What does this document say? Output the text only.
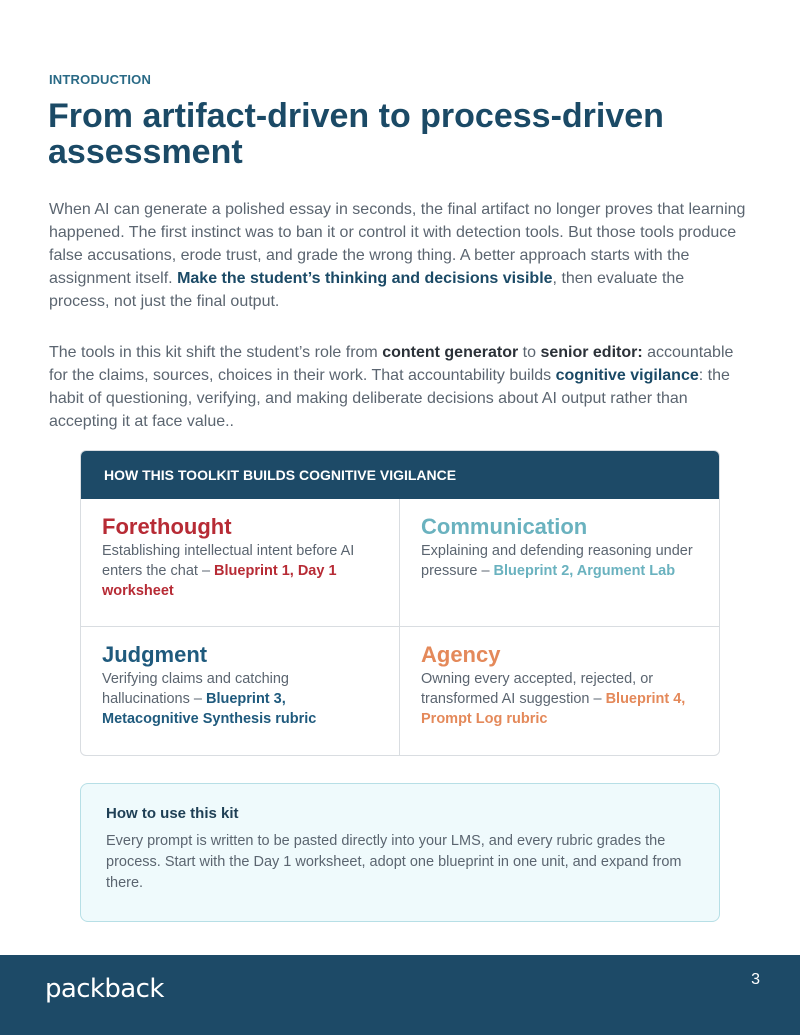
INTRODUCTION
From artifact-driven to process-driven assessment

When AI can generate a polished essay in seconds, the final artifact no longer proves that learning happened. The first instinct was to ban it or control it with detection tools. But those tools produce false accusations, erode trust, and grade the wrong thing. A better approach starts with the assignment itself. Make the student’s thinking and decisions visible, then evaluate the process, not just the final output.

The tools in this kit shift the student’s role from content generator to senior editor: accountable for the claims, sources, choices in their work. That accountability builds cognitive vigilance: the habit of questioning, verifying, and making deliberate decisions about AI output rather than accepting it at face value..

HOW THIS TOOLKIT BUILDS COGNITIVE VIGILANCE
Forethought
Establishing intellectual intent before AI enters the chat – Blueprint 1, Day 1 worksheet
Communication
Explaining and defending reasoning under pressure – Blueprint 2, Argument Lab
Judgment
Verifying claims and catching hallucinations – Blueprint 3, Metacognitive Synthesis rubric
Agency
Owning every accepted, rejected, or transformed AI suggestion – Blueprint 4, Prompt Log rubric
How to use this kit
Every prompt is written to be pasted directly into your LMS, and every rubric grades the process. Start with the Day 1 worksheet, adopt one blueprint in one unit, and expand from there.
packback	3
